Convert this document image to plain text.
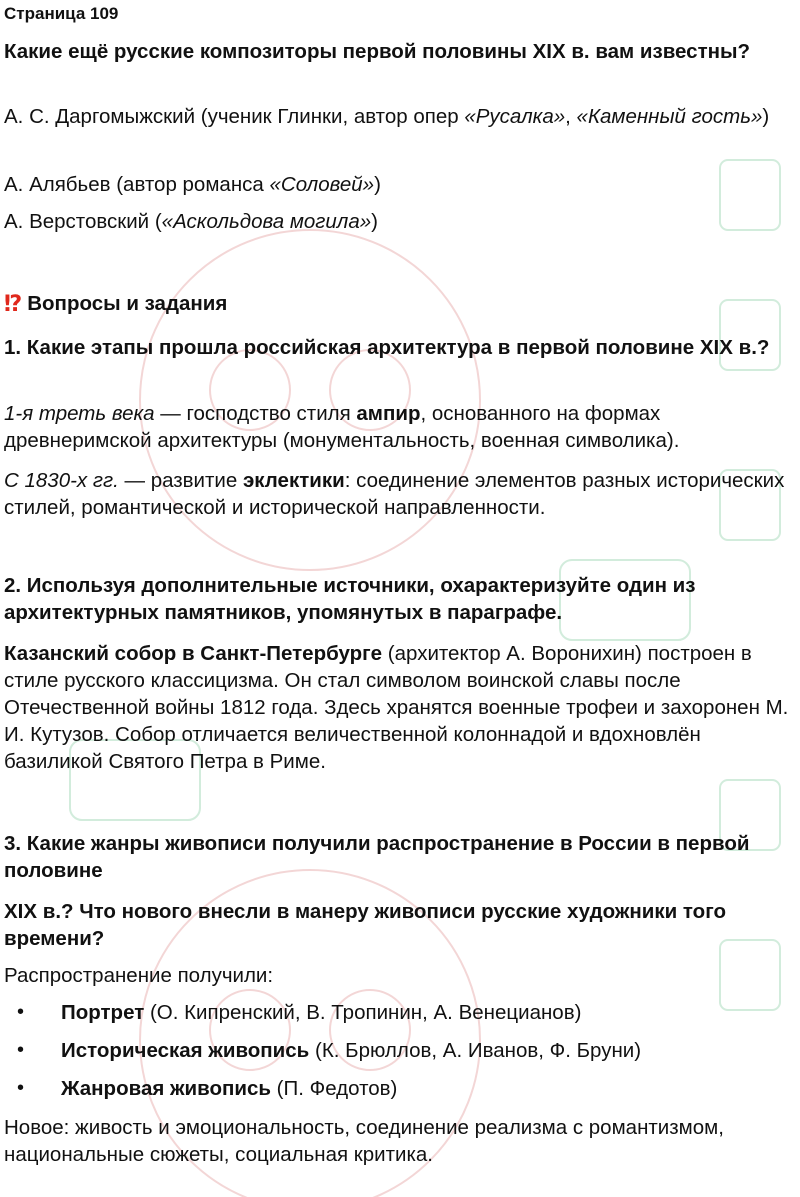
Страница 109

Какие ещё русские композиторы первой половины XIX в. вам известны?

А. С. Даргомыжский (ученик Глинки, автор опер «Русалка», «Каменный гость»)

А. Алябьев (автор романса «Соловей»)

А. Верстовский («Аскольдова могила»)

⁉ Вопросы и задания

1. Какие этапы прошла российская архитектура в первой половине XIX в.?

1-я треть века — господство стиля ампир, основанного на формах древнеримской архитектуры (монументальность, военная символика).

С 1830-х гг. — развитие эклектики: соединение элементов разных исторических стилей, романтической и исторической направленности.

2. Используя дополнительные источники, охарактеризуйте один из архитектурных памятников, упомянутых в параграфе.

Казанский собор в Санкт-Петербурге (архитектор А. Воронихин) построен в стиле русского классицизма. Он стал символом воинской славы после Отечественной войны 1812 года. Здесь хранятся военные трофеи и захоронен М. И. Кутузов. Собор отличается величественной колоннадой и вдохновлён базиликой Святого Петра в Риме.

3. Какие жанры живописи получили распространение в России в первой половине

XIX в.? Что нового внесли в манеру живописи русские художники того времени?

Распространение получили:

• Портрет (О. Кипренский, В. Тропинин, А. Венецианов)
• Историческая живопись (К. Брюллов, А. Иванов, Ф. Бруни)
• Жанровая живопись (П. Федотов)

Новое: живость и эмоциональность, соединение реализма с романтизмом, национальные сюжеты, социальная критика.
